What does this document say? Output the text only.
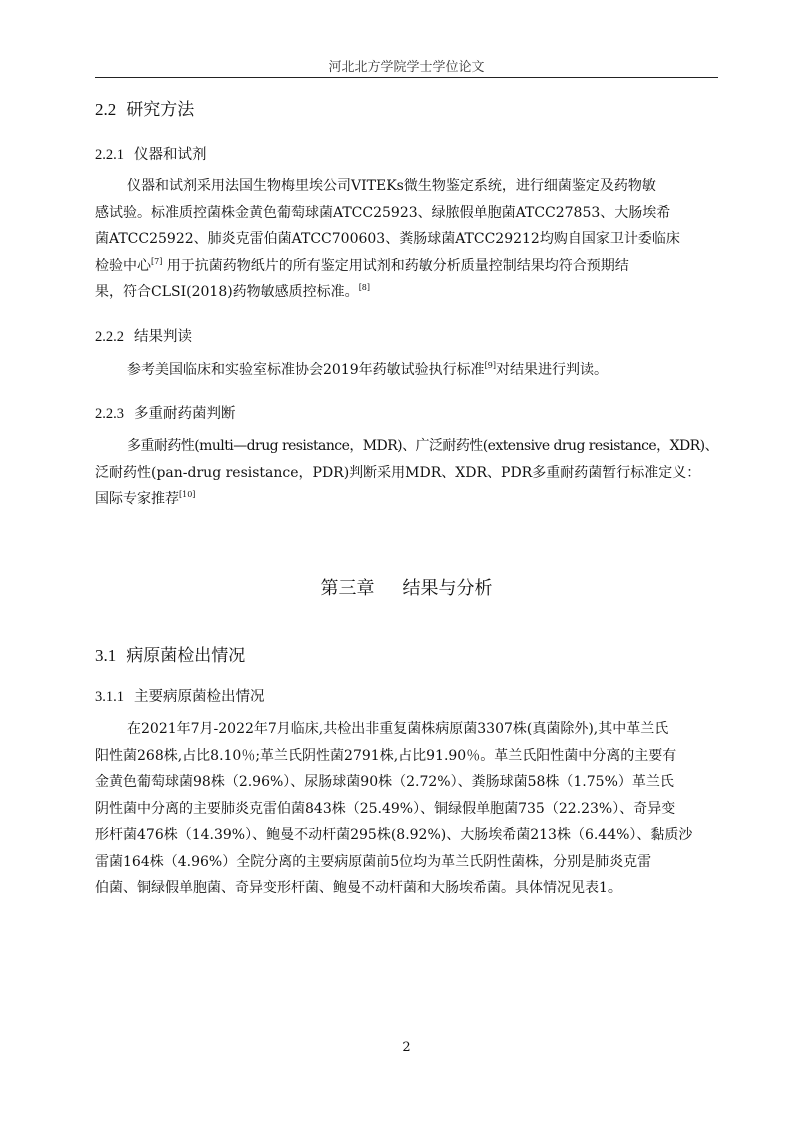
河北北方学院学士学位论文
2.2 研究方法
2.2.1 仪器和试剂
仪器和试剂采用法国生物梅里埃公司VITEKs微生物鉴定系统，进行细菌鉴定及药物敏
感试验。标准质控菌株金黄色葡萄球菌ATCC25923、绿脓假单胞菌ATCC27853、大肠埃希
菌ATCC25922、肺炎克雷伯菌ATCC700603、粪肠球菌ATCC29212均购自国家卫计委临床
检验中心[7] 用于抗菌药物纸片的所有鉴定用试剂和药敏分析质量控制结果均符合预期结
果，符合CLSI(2018)药物敏感质控标准。[8]
2.2.2 结果判读
参考美国临床和实验室标准协会2019年药敏试验执行标准[9]对结果进行判读。
2.2.3 多重耐药菌判断
多重耐药性(multi—drug resistance，MDR)、广泛耐药性(extensive drug resistance，XDR)、
泛耐药性(pan-drug resistance，PDR)判断采用MDR、XDR、PDR多重耐药菌暂行标准定义：
国际专家推荐[10]
第三章 结果与分析
3.1 病原菌检出情况
3.1.1 主要病原菌检出情况
在2021年7月-2022年7月临床,共检出非重复菌株病原菌3307株(真菌除外),其中革兰氏
阳性菌268株,占比8.10％;革兰氏阴性菌2791株,占比91.90％。革兰氏阳性菌中分离的主要有
金黄色葡萄球菌98株（2.96%）、尿肠球菌90株（2.72%）、粪肠球菌58株（1.75%）革兰氏
阴性菌中分离的主要肺炎克雷伯菌843株（25.49%）、铜绿假单胞菌735（22.23%）、奇异变
形杆菌476株（14.39%）、鲍曼不动杆菌295株(8.92%)、大肠埃希菌213株（6.44%）、黏质沙
雷菌164株（4.96%）全院分离的主要病原菌前5位均为革兰氏阴性菌株，分别是肺炎克雷
伯菌、铜绿假单胞菌、奇异变形杆菌、鲍曼不动杆菌和大肠埃希菌。具体情况见表1。
2
